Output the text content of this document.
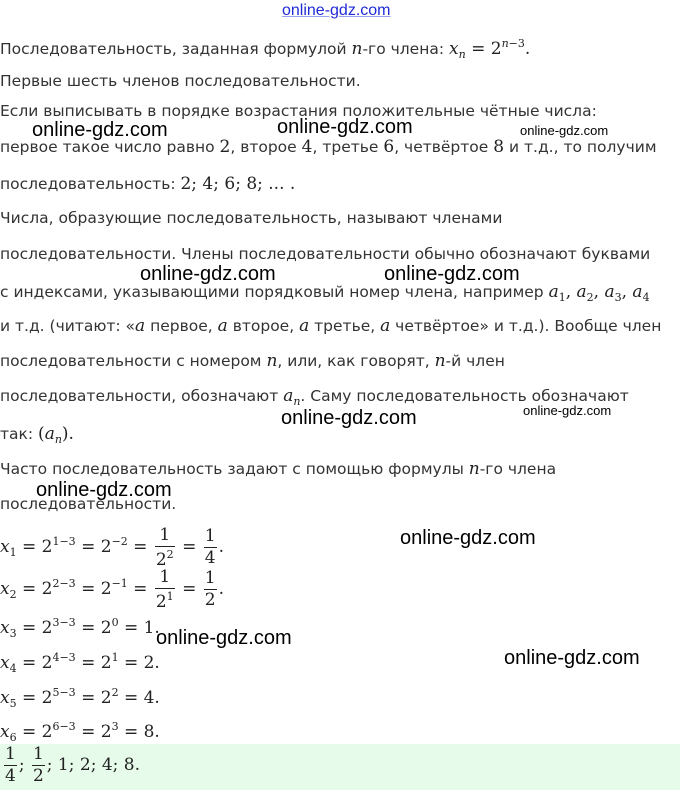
online-gdz.com
Последовательность, заданная формулой n-го члена: $x_n = 2^{n-3}$.
Первые шесть членов последовательности.
Если выписывать в порядке возрастания положительные чётные числа:
первое такое число равно 2, второе 4, третье 6, четвёртое 8 и т.д., то получим
последовательность: 2; 4; 6; 8; ... .
Числа, образующие последовательность, называют членами
последовательности. Члены последовательности обычно обозначают буквами
с индексами, указывающими порядковый номер члена, например $a_1$, $a_2$, $a_3$, $a_4$
и т.д. (читают: «a первое, a второе, a третье, a четвёртое» и т.д.). Вообще член
последовательности с номером n, или, как говорят, n-й член
последовательности, обозначают $a_n$. Саму последовательность обозначают
так: $(a_n)$.
Часто последовательность задают с помощью формулы n-го члена
последовательности.
$x_1 = 2^{1-3} = 2^{-2} = \frac{1}{2^2} = \frac{1}{4}$ .
$x_2 = 2^{2-3} = 2^{-1} = \frac{1}{2^1} = \frac{1}{2}$ .
$x_3 = 2^{3-3} = 2^0 = 1$.
$x_4 = 2^{4-3} = 2^1 = 2$.
$x_5 = 2^{5-3} = 2^2 = 4$.
$x_6 = 2^{6-3} = 2^3 = 8$.
$\frac{1}{4}$ ; $\frac{1}{2}$ ; 1; 2; 4; 8.
online-gdz.com	online-gdz.com	online-gdz.com
online-gdz.com	online-gdz.com
online-gdz.com	online-gdz.com
online-gdz.com
online-gdz.com
online-gdz.com
online-gdz.com
